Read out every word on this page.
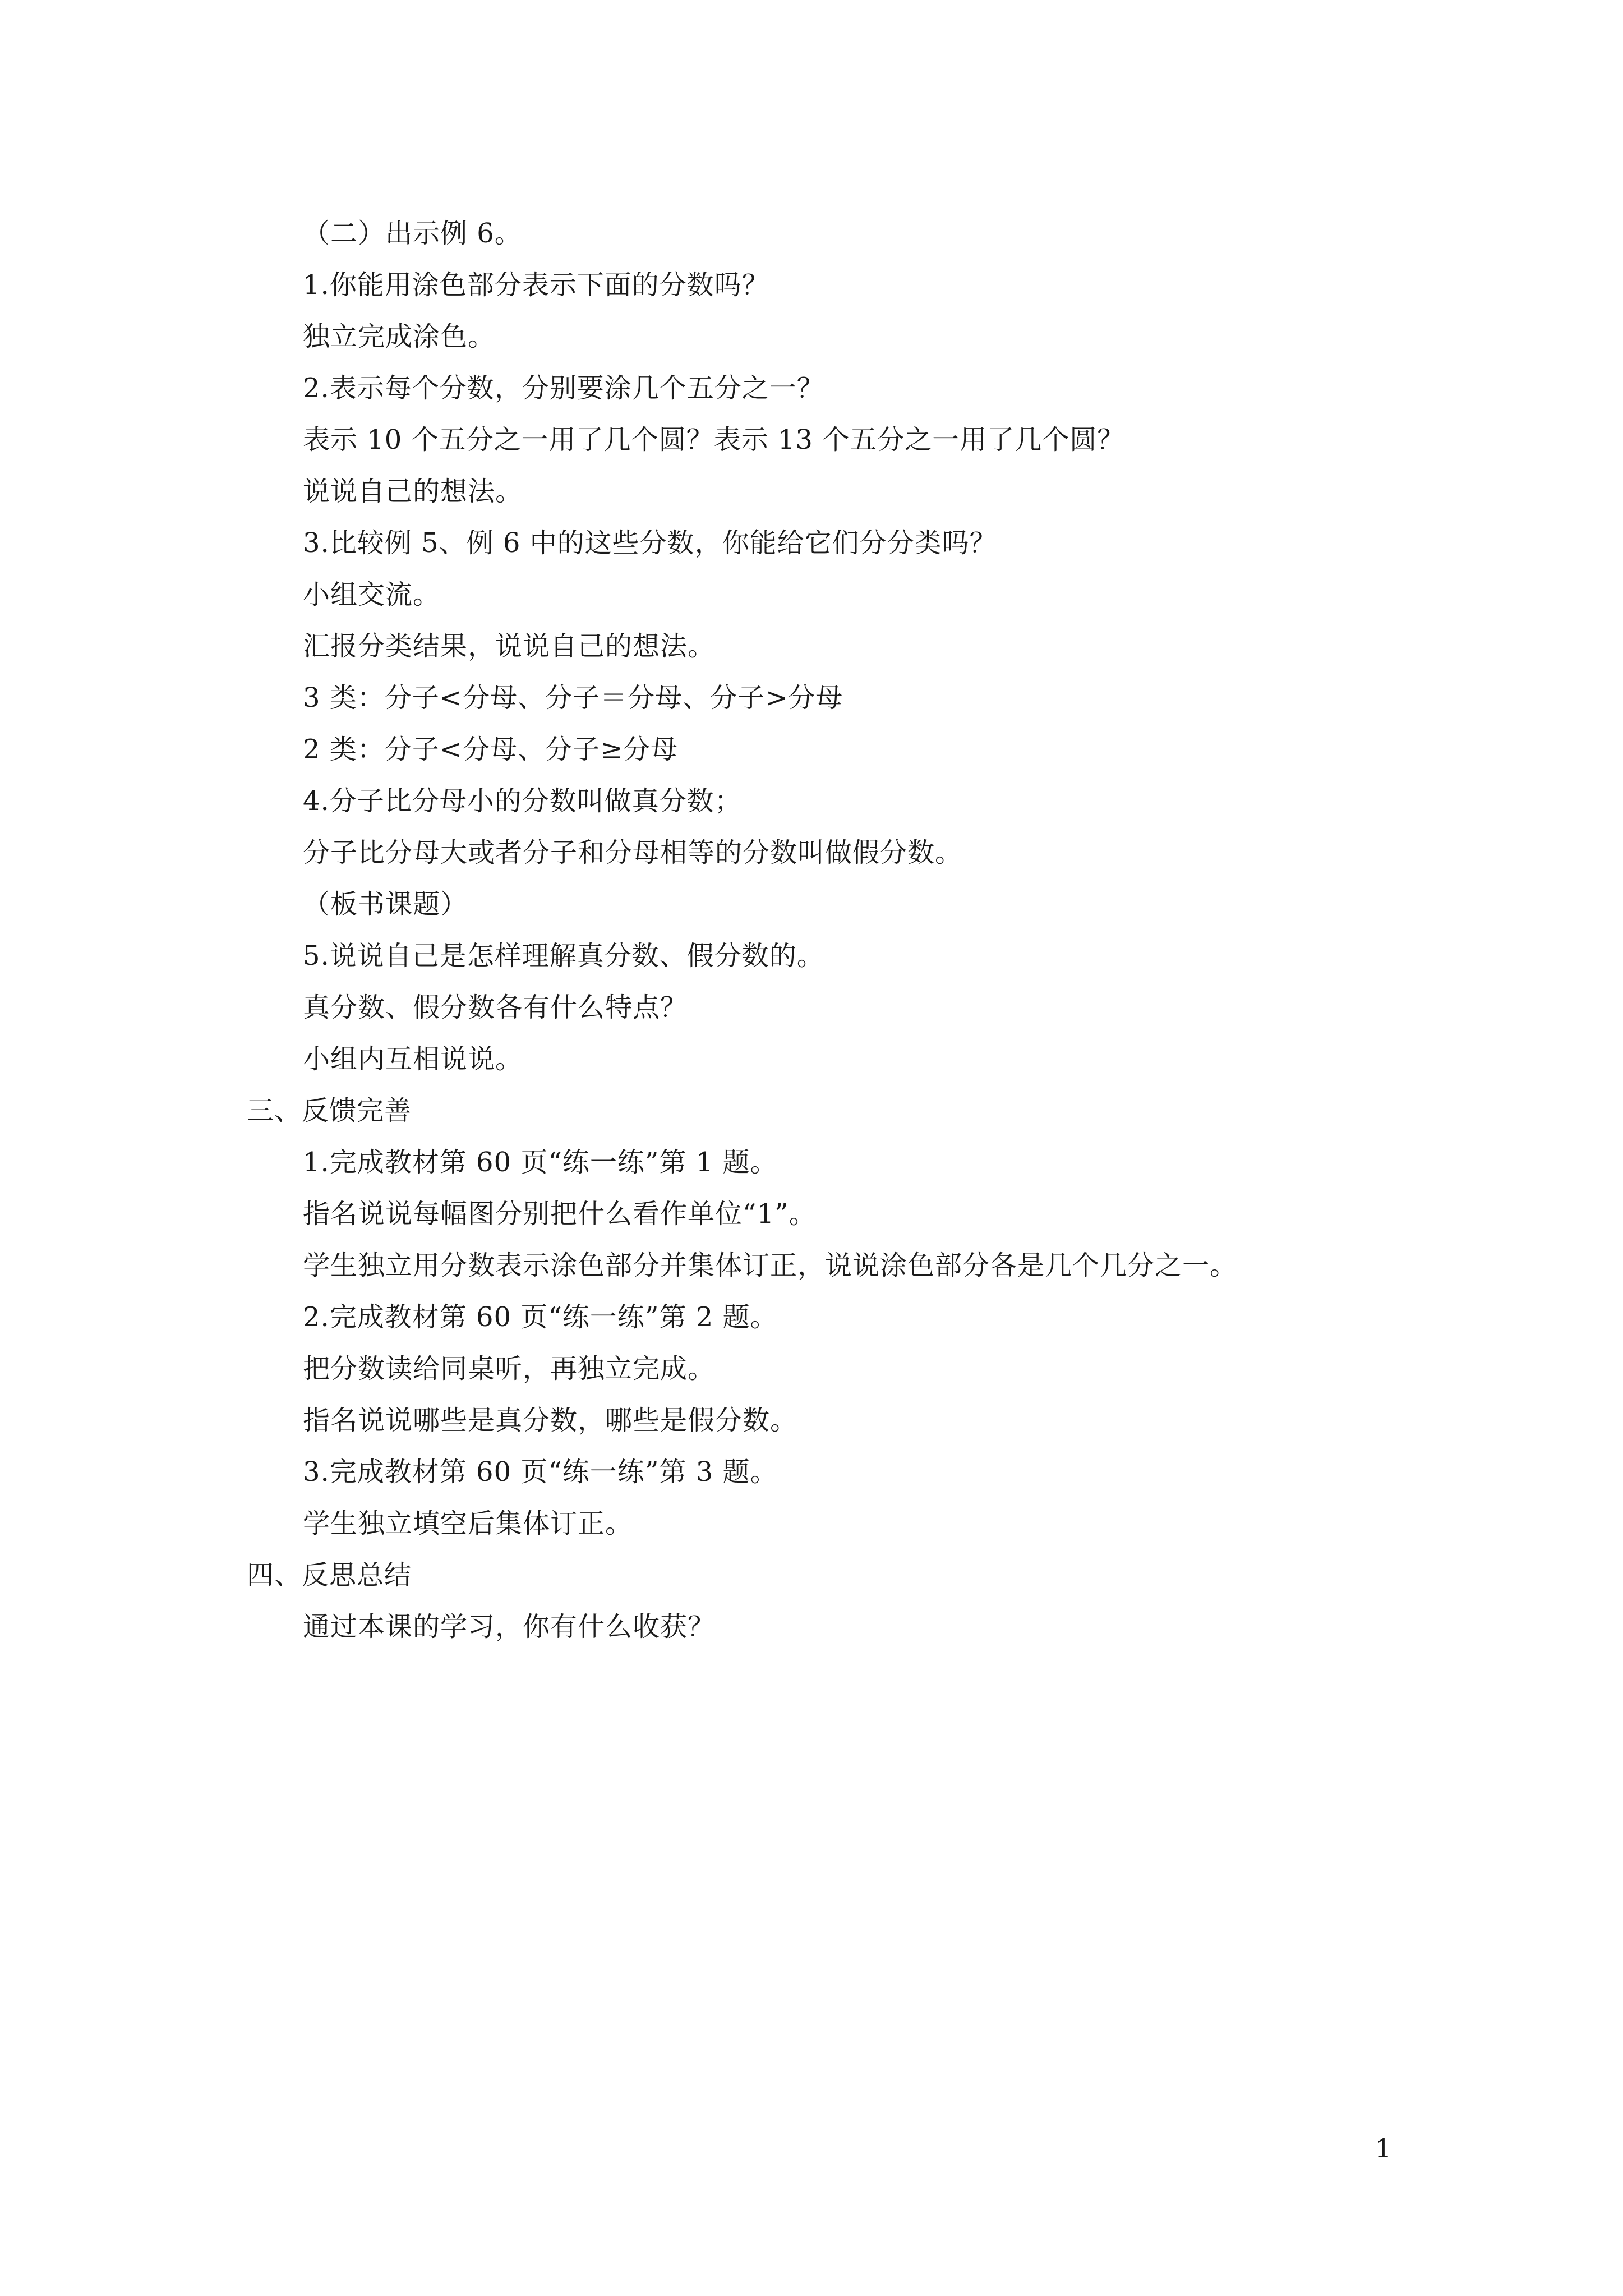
（二）出示例 6。
1.你能用涂色部分表示下面的分数吗？
独立完成涂色。
2.表示每个分数，分别要涂几个五分之一？
表示 10 个五分之一用了几个圆？表示 13 个五分之一用了几个圆？
说说自己的想法。
3.比较例 5、例 6 中的这些分数，你能给它们分分类吗？
小组交流。
汇报分类结果，说说自己的想法。
3 类：分子<分母、分子＝分母、分子>分母
2 类：分子<分母、分子≥分母
4.分子比分母小的分数叫做真分数；
分子比分母大或者分子和分母相等的分数叫做假分数。
（板书课题）
5.说说自己是怎样理解真分数、假分数的。
真分数、假分数各有什么特点？
小组内互相说说。
三、反馈完善
1.完成教材第 60 页“练一练”第 1 题。
指名说说每幅图分别把什么看作单位“1”。
学生独立用分数表示涂色部分并集体订正，说说涂色部分各是几个几分之一。
2.完成教材第 60 页“练一练”第 2 题。
把分数读给同桌听，再独立完成。
指名说说哪些是真分数，哪些是假分数。
3.完成教材第 60 页“练一练”第 3 题。
学生独立填空后集体订正。
四、反思总结
通过本课的学习，你有什么收获？
1
